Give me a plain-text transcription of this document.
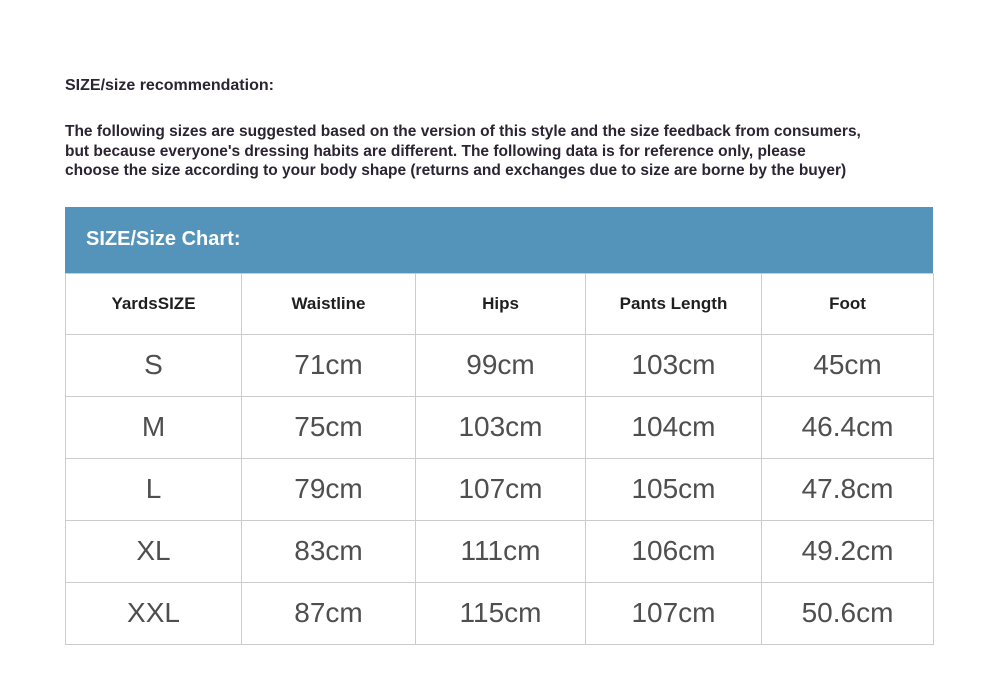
SIZE/size recommendation:

The following sizes are suggested based on the version of this style and the size feedback from consumers,
but because everyone's dressing habits are different. The following data is for reference only, please
choose the size according to your body shape (returns and exchanges due to size are borne by the buyer)

SIZE/Size Chart:
YardsSIZE	Waistline	Hips	Pants Length	Foot
S	71cm	99cm	103cm	45cm
M	75cm	103cm	104cm	46.4cm
L	79cm	107cm	105cm	47.8cm
XL	83cm	111cm	106cm	49.2cm
XXL	87cm	115cm	107cm	50.6cm
